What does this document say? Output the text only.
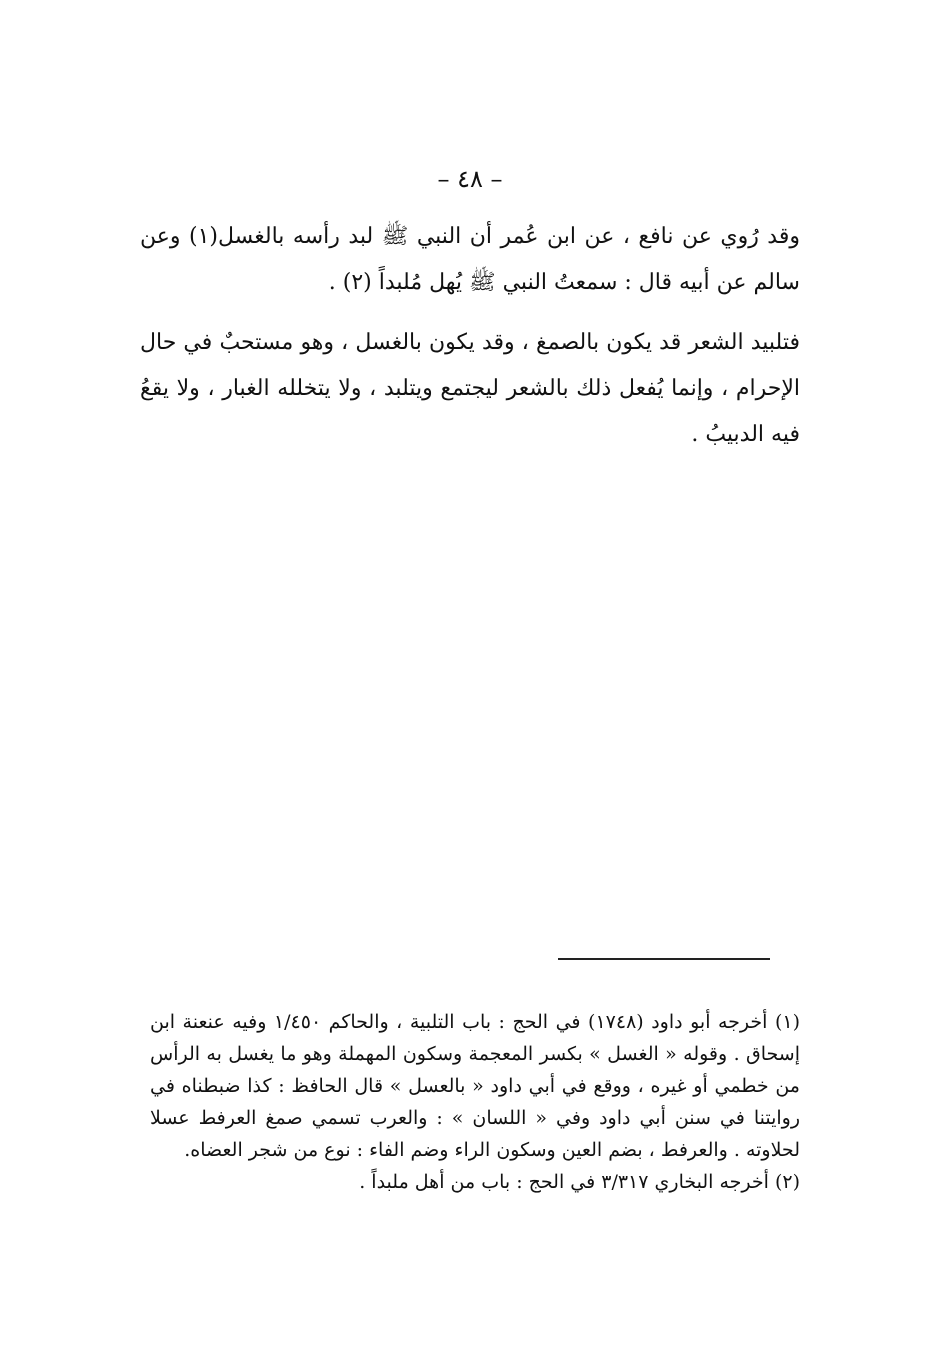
– ٤٨ –
وقد رُوي عن نافع ، عن ابن عُمر أن النبي ﷺ لبد رأسه بالغسل(١) وعن سالم عن أبيه قال : سمعتُ النبي ﷺ يُهل مُلبداً (٢) .
فتلبيد الشعر قد يكون بالصمغ ، وقد يكون بالغسل ، وهو مستحبٌ في حال الإحرام ، وإنما يُفعل ذلك بالشعر ليجتمع ويتلبد ، ولا يتخلله الغبار ، ولا يقعُ فيه الدبيبُ .

(١) أخرجه أبو داود (١٧٤٨) في الحج : باب التلبية ، والحاكم ١/٤٥٠ وفيه عنعنة ابن إسحاق . وقوله « الغسل » بكسر المعجمة وسكون المهملة وهو ما يغسل به الرأس من خطمي أو غيره ، ووقع في أبي داود « بالعسل » قال الحافظ : كذا ضبطناه في روايتنا في سنن أبي داود وفي « اللسان » : والعرب تسمي صمغ العرفط عسلا لحلاوته . والعرفط ، بضم العين وسكون الراء وضم الفاء : نوع من شجر العضاه.

(٢) أخرجه البخاري ٣/٣١٧ في الحج : باب من أهل ملبداً .
